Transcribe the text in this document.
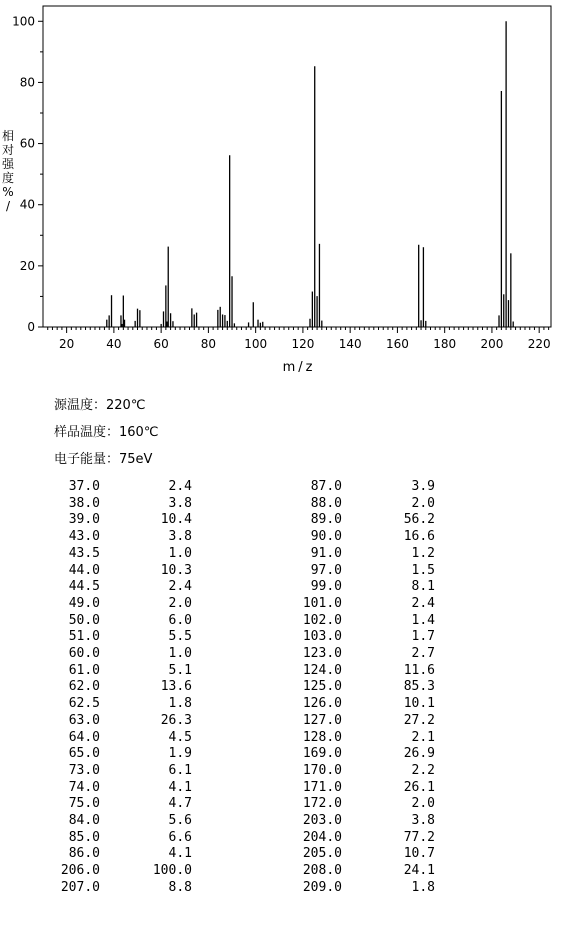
20	40	60	80 100 120 140 160 180 200 220
0
20
40
60
80
100
m/z
相对强度% /
源温度：220℃
样品温度：160℃
电子能量：75eV
37.0	2.4	87.0	3.9
38.0	3.8	88.0	2.0
39.0	10.4	89.0	56.2
43.0	3.8	90.0	16.6
43.5	1.0	91.0	1.2
44.0	10.3	97.0	1.5
44.5	2.4	99.0	8.1
49.0	2.0	101.0	2.4
50.0	6.0	102.0	1.4
51.0	5.5	103.0	1.7
60.0	1.0	123.0	2.7
61.0	5.1	124.0	11.6
62.0	13.6	125.0	85.3
62.5	1.8	126.0	10.1
63.0	26.3	127.0	27.2
64.0	4.5	128.0	2.1
65.0	1.9	169.0	26.9
73.0	6.1	170.0	2.2
74.0	4.1	171.0	26.1
75.0	4.7	172.0	2.0
84.0	5.6	203.0	3.8
85.0	6.6	204.0	77.2
86.0	4.1	205.0	10.7
206.0	100.0	208.0	24.1
207.0	8.8	209.0	1.8
